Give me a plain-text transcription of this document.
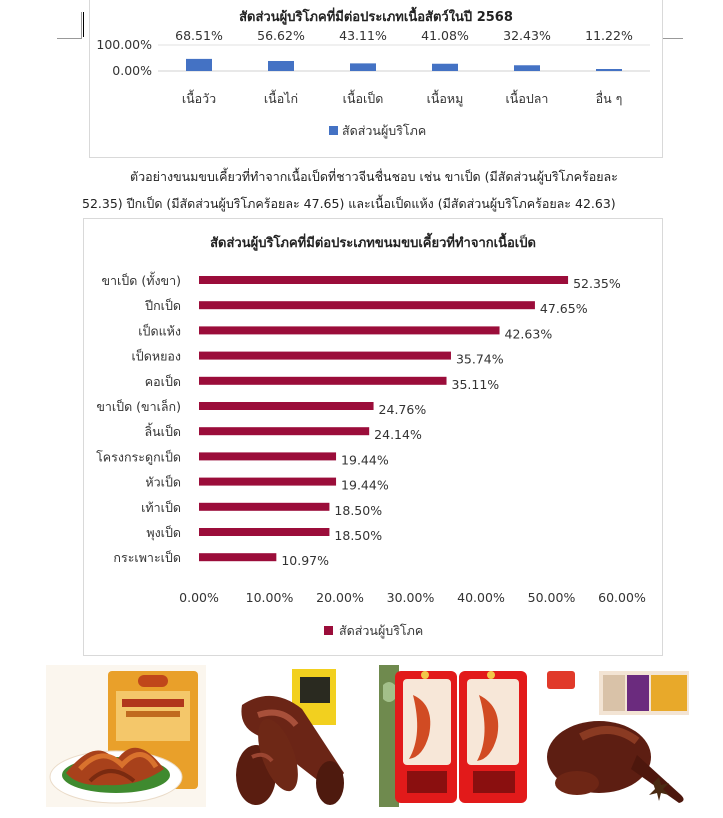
สัดส่วนผู้บริโภคที่มีต่อประเภทเนื้อสัตว์ในปี 2568
100.00%
0.00%
68.51%
เนื้อวัว
56.62%
เนื้อไก่
43.11%
เนื้อเป็ด
41.08%
เนื้อหมู
32.43%
เนื้อปลา
11.22%
อื่น ๆ
สัดส่วนผู้บริโภค
ตัวอย่างขนมขบเคี้ยวที่ทำจากเนื้อเป็ดที่ชาวจีนชื่นชอบ เช่น ขาเป็ด (มีสัดส่วนผู้บริโภคร้อยละ
52.35) ปีกเป็ด (มีสัดส่วนผู้บริโภคร้อยละ 47.65) และเนื้อเป็ดแห้ง (มีสัดส่วนผู้บริโภคร้อยละ 42.63)
สัดส่วนผู้บริโภคที่มีต่อประเภทขนมขบเคี้ยวที่ทำจากเนื้อเป็ด
ขาเป็ด (ทั้งขา)	52.35%
ปีกเป็ด	47.65%
เป็ดแห้ง	42.63%
เป็ดหยอง	35.74%
คอเป็ด	35.11%
ขาเป็ด (ขาเล็ก)	24.76%
ลิ้นเป็ด	24.14%
โครงกระดูกเป็ด	19.44%
หัวเป็ด	19.44%
เท้าเป็ด	18.50%
พุงเป็ด	18.50%
กระเพาะเป็ด	10.97%
0.00% 10.00% 20.00% 30.00% 40.00% 50.00% 60.00%
สัดส่วนผู้บริโภค
